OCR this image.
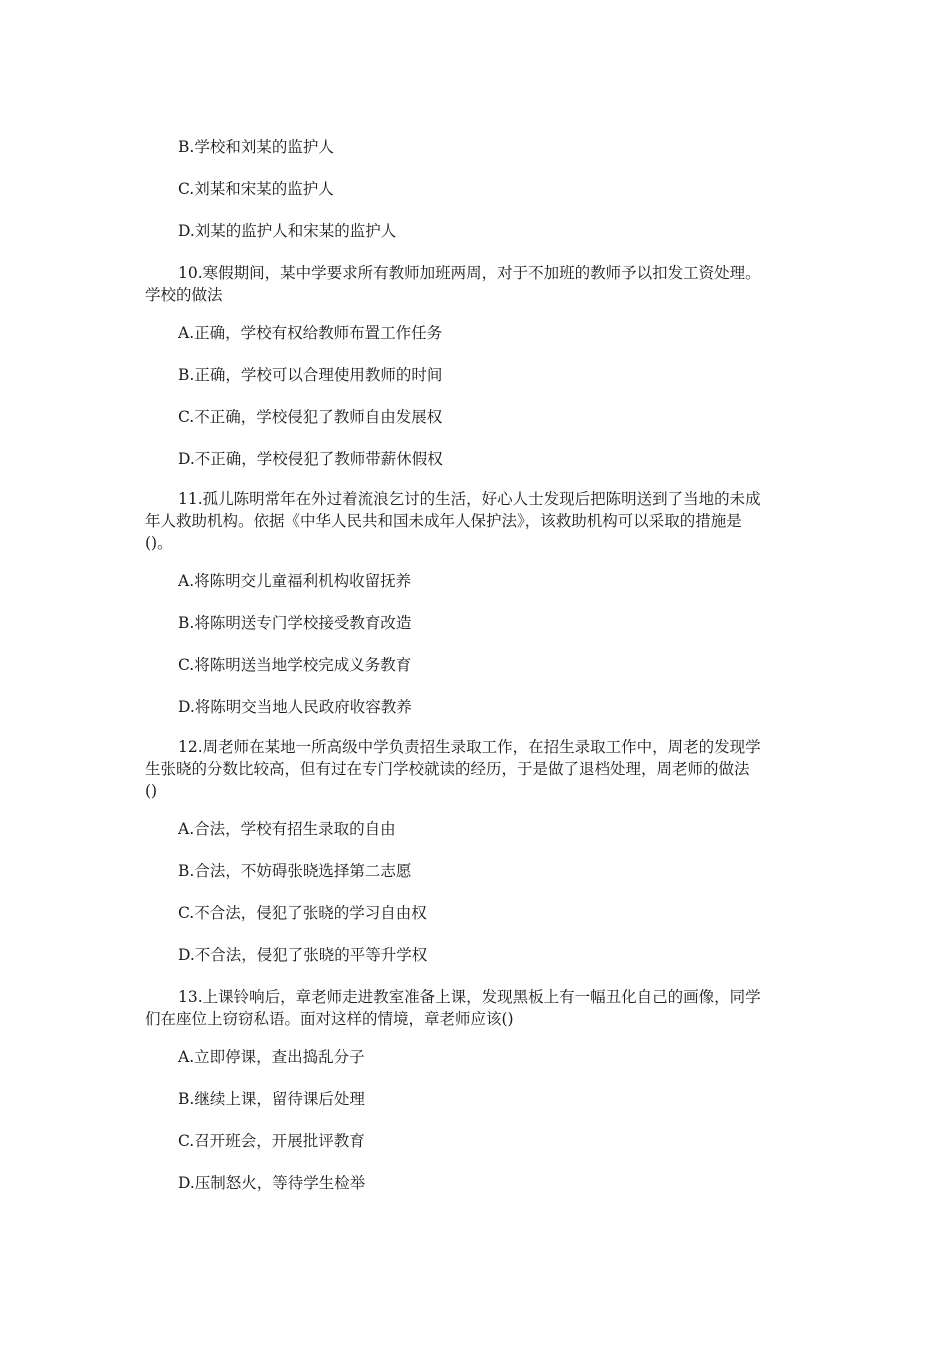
B.学校和刘某的监护人
C.刘某和宋某的监护人
D.刘某的监护人和宋某的监护人
10.寒假期间，某中学要求所有教师加班两周，对于不加班的教师予以扣发工资处理。
学校的做法
A.正确，学校有权给教师布置工作任务
B.正确，学校可以合理使用教师的时间
C.不正确，学校侵犯了教师自由发展权
D.不正确，学校侵犯了教师带薪休假权
11.孤儿陈明常年在外过着流浪乞讨的生活，好心人士发现后把陈明送到了当地的未成
年人救助机构。依据《中华人民共和国未成年人保护法》，该救助机构可以采取的措施是
()。
A.将陈明交儿童福利机构收留抚养
B.将陈明送专门学校接受教育改造
C.将陈明送当地学校完成义务教育
D.将陈明交当地人民政府收容教养
12.周老师在某地一所高级中学负责招生录取工作，在招生录取工作中，周老的发现学
生张晓的分数比较高，但有过在专门学校就读的经历，于是做了退档处理，周老师的做法
()
A.合法，学校有招生录取的自由
B.合法，不妨碍张晓选择第二志愿
C.不合法，侵犯了张晓的学习自由权
D.不合法，侵犯了张晓的平等升学权
13.上课铃响后，章老师走进教室准备上课，发现黑板上有一幅丑化自己的画像，同学
们在座位上窃窃私语。面对这样的情境，章老师应该()
A.立即停课，查出捣乱分子
B.继续上课，留待课后处理
C.召开班会，开展批评教育
D.压制怒火，等待学生检举
